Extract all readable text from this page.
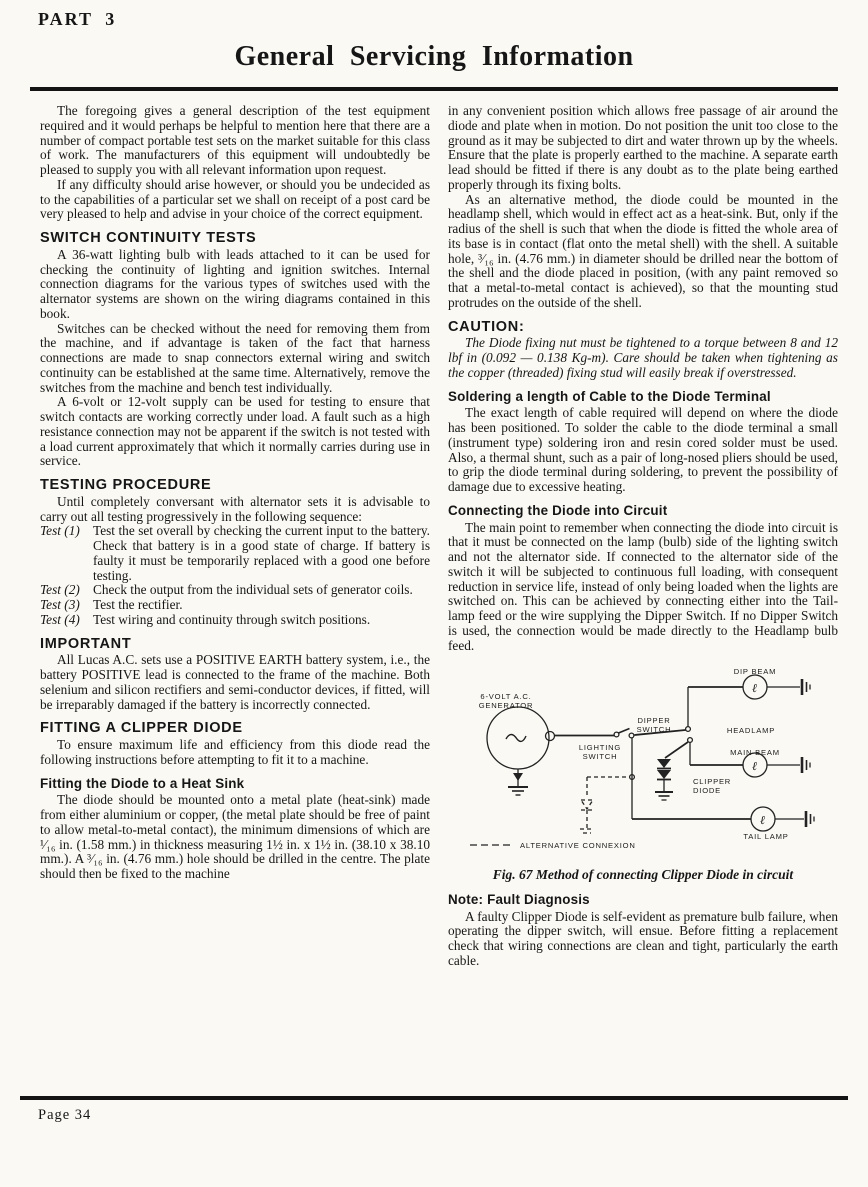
PART 3
General Servicing Information

The foregoing gives a general description of the test equipment required and it would perhaps be helpful to mention here that there are a number of compact portable test sets on the market suitable for this class of work. The manufacturers of this equipment will undoubtedly be pleased to supply you with all relevant information upon request.

If any difficulty should arise however, or should you be undecided as to the capabilities of a particular set we shall on receipt of a post card be very pleased to help and advise in your choice of the correct equipment.

SWITCH CONTINUITY TESTS

A 36-watt lighting bulb with leads attached to it can be used for checking the continuity of lighting and ignition switches. Internal connection diagrams for the various types of switches used with the alternator systems are shown on the wiring diagrams contained in this book.

Switches can be checked without the need for removing them from the machine, and if advantage is taken of the fact that harness connections are made to snap connectors external wiring and switch continuity can be established at the same time. Alternatively, remove the switches from the machine and bench test individually.

A 6-volt or 12-volt supply can be used for testing to ensure that switch contacts are working correctly under load. A fault such as a high resistance connection may not be apparent if the switch is not tested with a load current approximately that which it normally carries during use in service.

TESTING PROCEDURE

Until completely conversant with alternator sets it is advisable to carry out all testing progressively in the following sequence:

Test (1) Test the set overall by checking the current input to the battery. Check that battery is in a good state of charge. If battery is faulty it must be temporarily replaced with a good one before testing.
Test (2) Check the output from the individual sets of generator coils.
Test (3) Test the rectifier.
Test (4) Test wiring and continuity through switch positions.
IMPORTANT

All Lucas A.C. sets use a POSITIVE EARTH battery system, i.e., the battery POSITIVE lead is connected to the frame of the machine. Both selenium and silicon rectifiers and semi-conductor devices, if fitted, will be irreparably damaged if the battery is incorrectly connected.

FITTING A CLIPPER DIODE

To ensure maximum life and efficiency from this diode read the following instructions before attempting to fit it to a machine.

Fitting the Diode to a Heat Sink

The diode should be mounted onto a metal plate (heat-sink) made from either aluminium or copper, (the metal plate should be free of paint to allow metal-to-metal contact), the minimum dimensions of which are ¹⁄₁₆ in. (1.58 mm.) in thickness measuring 1½ in. x 1½ in. (38.10 x 38.10 mm.). A ³⁄₁₆ in. (4.76 mm.) hole should be drilled in the centre. The plate should then be fixed to the machine

in any convenient position which allows free passage of air around the diode and plate when in motion. Do not position the unit too close to the ground as it may be subjected to dirt and water thrown up by the wheels. Ensure that the plate is properly earthed to the machine. A separate earth lead should be fitted if there is any doubt as to the plate being earthed properly through its fixing bolts.

As an alternative method, the diode could be mounted in the headlamp shell, which would in effect act as a heat-sink. But, only if the radius of the shell is such that when the diode is fitted the whole area of its base is in contact (flat onto the metal shell) with the shell. A suitable hole, ³⁄₁₆ in. (4.76 mm.) in diameter should be drilled near the bottom of the shell and the diode placed in position, (with any paint removed so that a metal-to-metal contact is achieved), so that the mounting stud protrudes on the outside of the shell.

CAUTION:

The Diode fixing nut must be tightened to a torque between 8 and 12 lbf in (0.092 — 0.138 Kg-m). Care should be taken when tightening as the copper (threaded) fixing stud will easily break if overstressed.

Soldering a length of Cable to the Diode Terminal

The exact length of cable required will depend on where the diode has been positioned. To solder the cable to the diode terminal a small (instrument type) soldering iron and resin cored solder must be used. Also, a thermal shunt, such as a pair of long-nosed pliers should be used, to grip the diode terminal during soldering, to prevent the possibility of damage due to excessive heating.

Connecting the Diode into Circuit

The main point to remember when connecting the diode into circuit is that it must be connected on the lamp (bulb) side of the lighting switch and not the alternator side. If connected to the alternator side of the switch it will be subjected to continuous full loading, with consequent reduction in service life, instead of only being loaded when the lights are switched on. This can be achieved by connecting either into the Tail-lamp feed or the wire supplying the Dipper Switch. If no Dipper Switch is used, the connection would be made directly to the Headlamp bulb feed.

6-VOLT A.C.
GENERATOR
LIGHTING
SWITCH
DIPPER
SWITCH
CLIPPER
DIODE
HEADLAMP
DIP BEAM
MAIN BEAM
TAIL LAMP
ALTERNATIVE CONNEXION
ℓ
ℓ
ℓ
Fig. 67 Method of connecting Clipper Diode in circuit
Note: Fault Diagnosis

A faulty Clipper Diode is self-evident as premature bulb failure, when operating the dipper switch, will ensue. Before fitting a replacement check that wiring connections are clean and tight, particularly the earth cable.

Page 34
